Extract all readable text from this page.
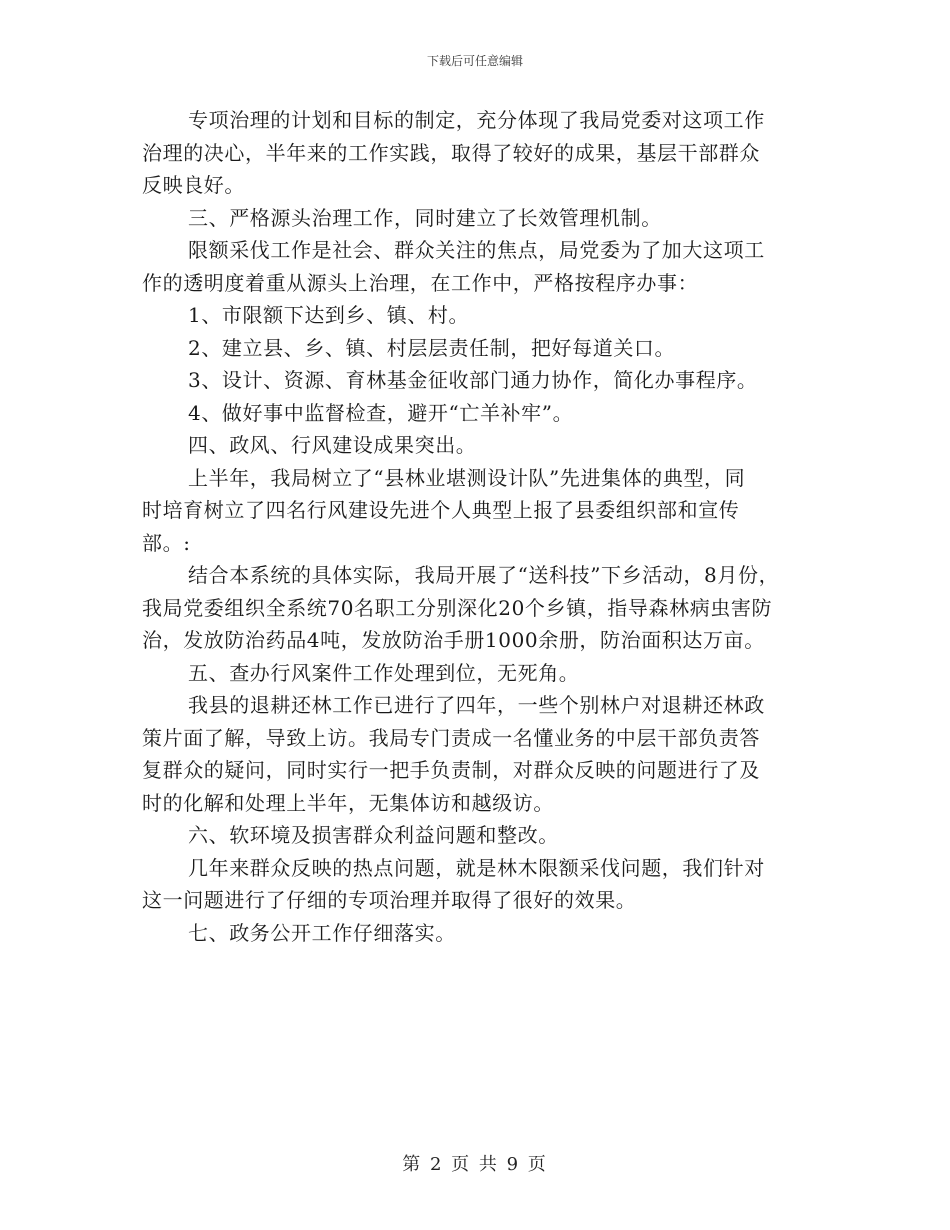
下载后可任意编辑
专项治理的计划和目标的制定，充分体现了我局党委对这项工作
治理的决心，半年来的工作实践，取得了较好的成果，基层干部群众
反映良好。
三、严格源头治理工作，同时建立了长效管理机制。
限额采伐工作是社会、群众关注的焦点，局党委为了加大这项工
作的透明度着重从源头上治理，在工作中，严格按程序办事：
1、市限额下达到乡、镇、村。
2、建立县、乡、镇、村层层责任制，把好每道关口。
3、设计、资源、育林基金征收部门通力协作，简化办事程序。
4、做好事中监督检查，避开“亡羊补牢”。
四、政风、行风建设成果突出。
上半年，我局树立了“县林业堪测设计队”先进集体的典型，同
时培育树立了四名行风建设先进个人典型上报了县委组织部和宣传
部。:
结合本系统的具体实际，我局开展了“送科技”下乡活动，8月份，
我局党委组织全系统70名职工分别深化20个乡镇，指导森林病虫害防
治，发放防治药品4吨，发放防治手册1000余册，防治面积达万亩。
五、查办行风案件工作处理到位，无死角。
我县的退耕还林工作已进行了四年，一些个别林户对退耕还林政
策片面了解，导致上访。我局专门责成一名懂业务的中层干部负责答
复群众的疑问，同时实行一把手负责制，对群众反映的问题进行了及
时的化解和处理上半年，无集体访和越级访。
六、软环境及损害群众利益问题和整改。
几年来群众反映的热点问题，就是林木限额采伐问题，我们针对
这一问题进行了仔细的专项治理并取得了很好的效果。
七、政务公开工作仔细落实。
第 2 页 共 9 页
